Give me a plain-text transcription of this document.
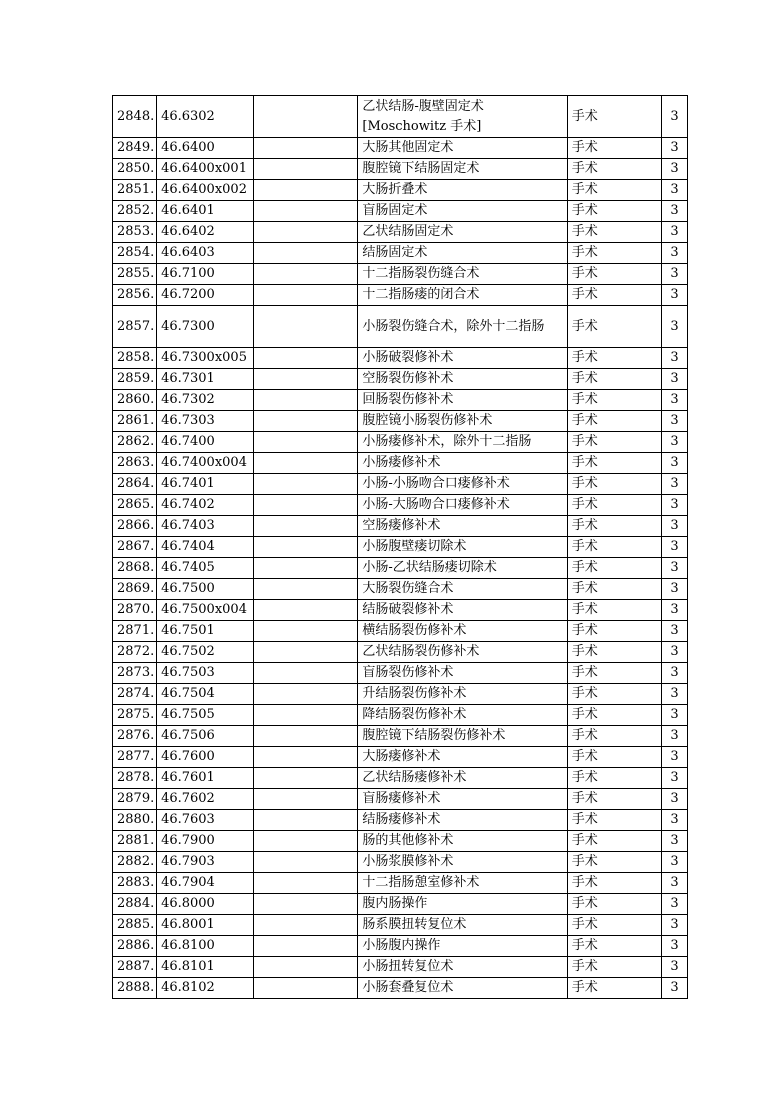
2848.	46.6302		乙状结肠-腹壁固定术[Moschowitz 手术]	手术	3
2849.	46.6400		大肠其他固定术	手术	3
2850.	46.6400x001		腹腔镜下结肠固定术	手术	3
2851.	46.6400x002		大肠折叠术	手术	3
2852.	46.6401		盲肠固定术	手术	3
2853.	46.6402		乙状结肠固定术	手术	3
2854.	46.6403		结肠固定术	手术	3
2855.	46.7100		十二指肠裂伤缝合术	手术	3
2856.	46.7200		十二指肠瘘的闭合术	手术	3
2857.	46.7300		小肠裂伤缝合术，除外十二指肠	手术	3
2858.	46.7300x005		小肠破裂修补术	手术	3
2859.	46.7301		空肠裂伤修补术	手术	3
2860.	46.7302		回肠裂伤修补术	手术	3
2861.	46.7303		腹腔镜小肠裂伤修补术	手术	3
2862.	46.7400		小肠瘘修补术，除外十二指肠	手术	3
2863.	46.7400x004		小肠瘘修补术	手术	3
2864.	46.7401		小肠-小肠吻合口瘘修补术	手术	3
2865.	46.7402		小肠-大肠吻合口瘘修补术	手术	3
2866.	46.7403		空肠瘘修补术	手术	3
2867.	46.7404		小肠腹壁瘘切除术	手术	3
2868.	46.7405		小肠-乙状结肠瘘切除术	手术	3
2869.	46.7500		大肠裂伤缝合术	手术	3
2870.	46.7500x004		结肠破裂修补术	手术	3
2871.	46.7501		横结肠裂伤修补术	手术	3
2872.	46.7502		乙状结肠裂伤修补术	手术	3
2873.	46.7503		盲肠裂伤修补术	手术	3
2874.	46.7504		升结肠裂伤修补术	手术	3
2875.	46.7505		降结肠裂伤修补术	手术	3
2876.	46.7506		腹腔镜下结肠裂伤修补术	手术	3
2877.	46.7600		大肠瘘修补术	手术	3
2878.	46.7601		乙状结肠瘘修补术	手术	3
2879.	46.7602		盲肠瘘修补术	手术	3
2880.	46.7603		结肠瘘修补术	手术	3
2881.	46.7900		肠的其他修补术	手术	3
2882.	46.7903		小肠浆膜修补术	手术	3
2883.	46.7904		十二指肠憩室修补术	手术	3
2884.	46.8000		腹内肠操作	手术	3
2885.	46.8001		肠系膜扭转复位术	手术	3
2886.	46.8100		小肠腹内操作	手术	3
2887.	46.8101		小肠扭转复位术	手术	3
2888.	46.8102		小肠套叠复位术	手术	3
